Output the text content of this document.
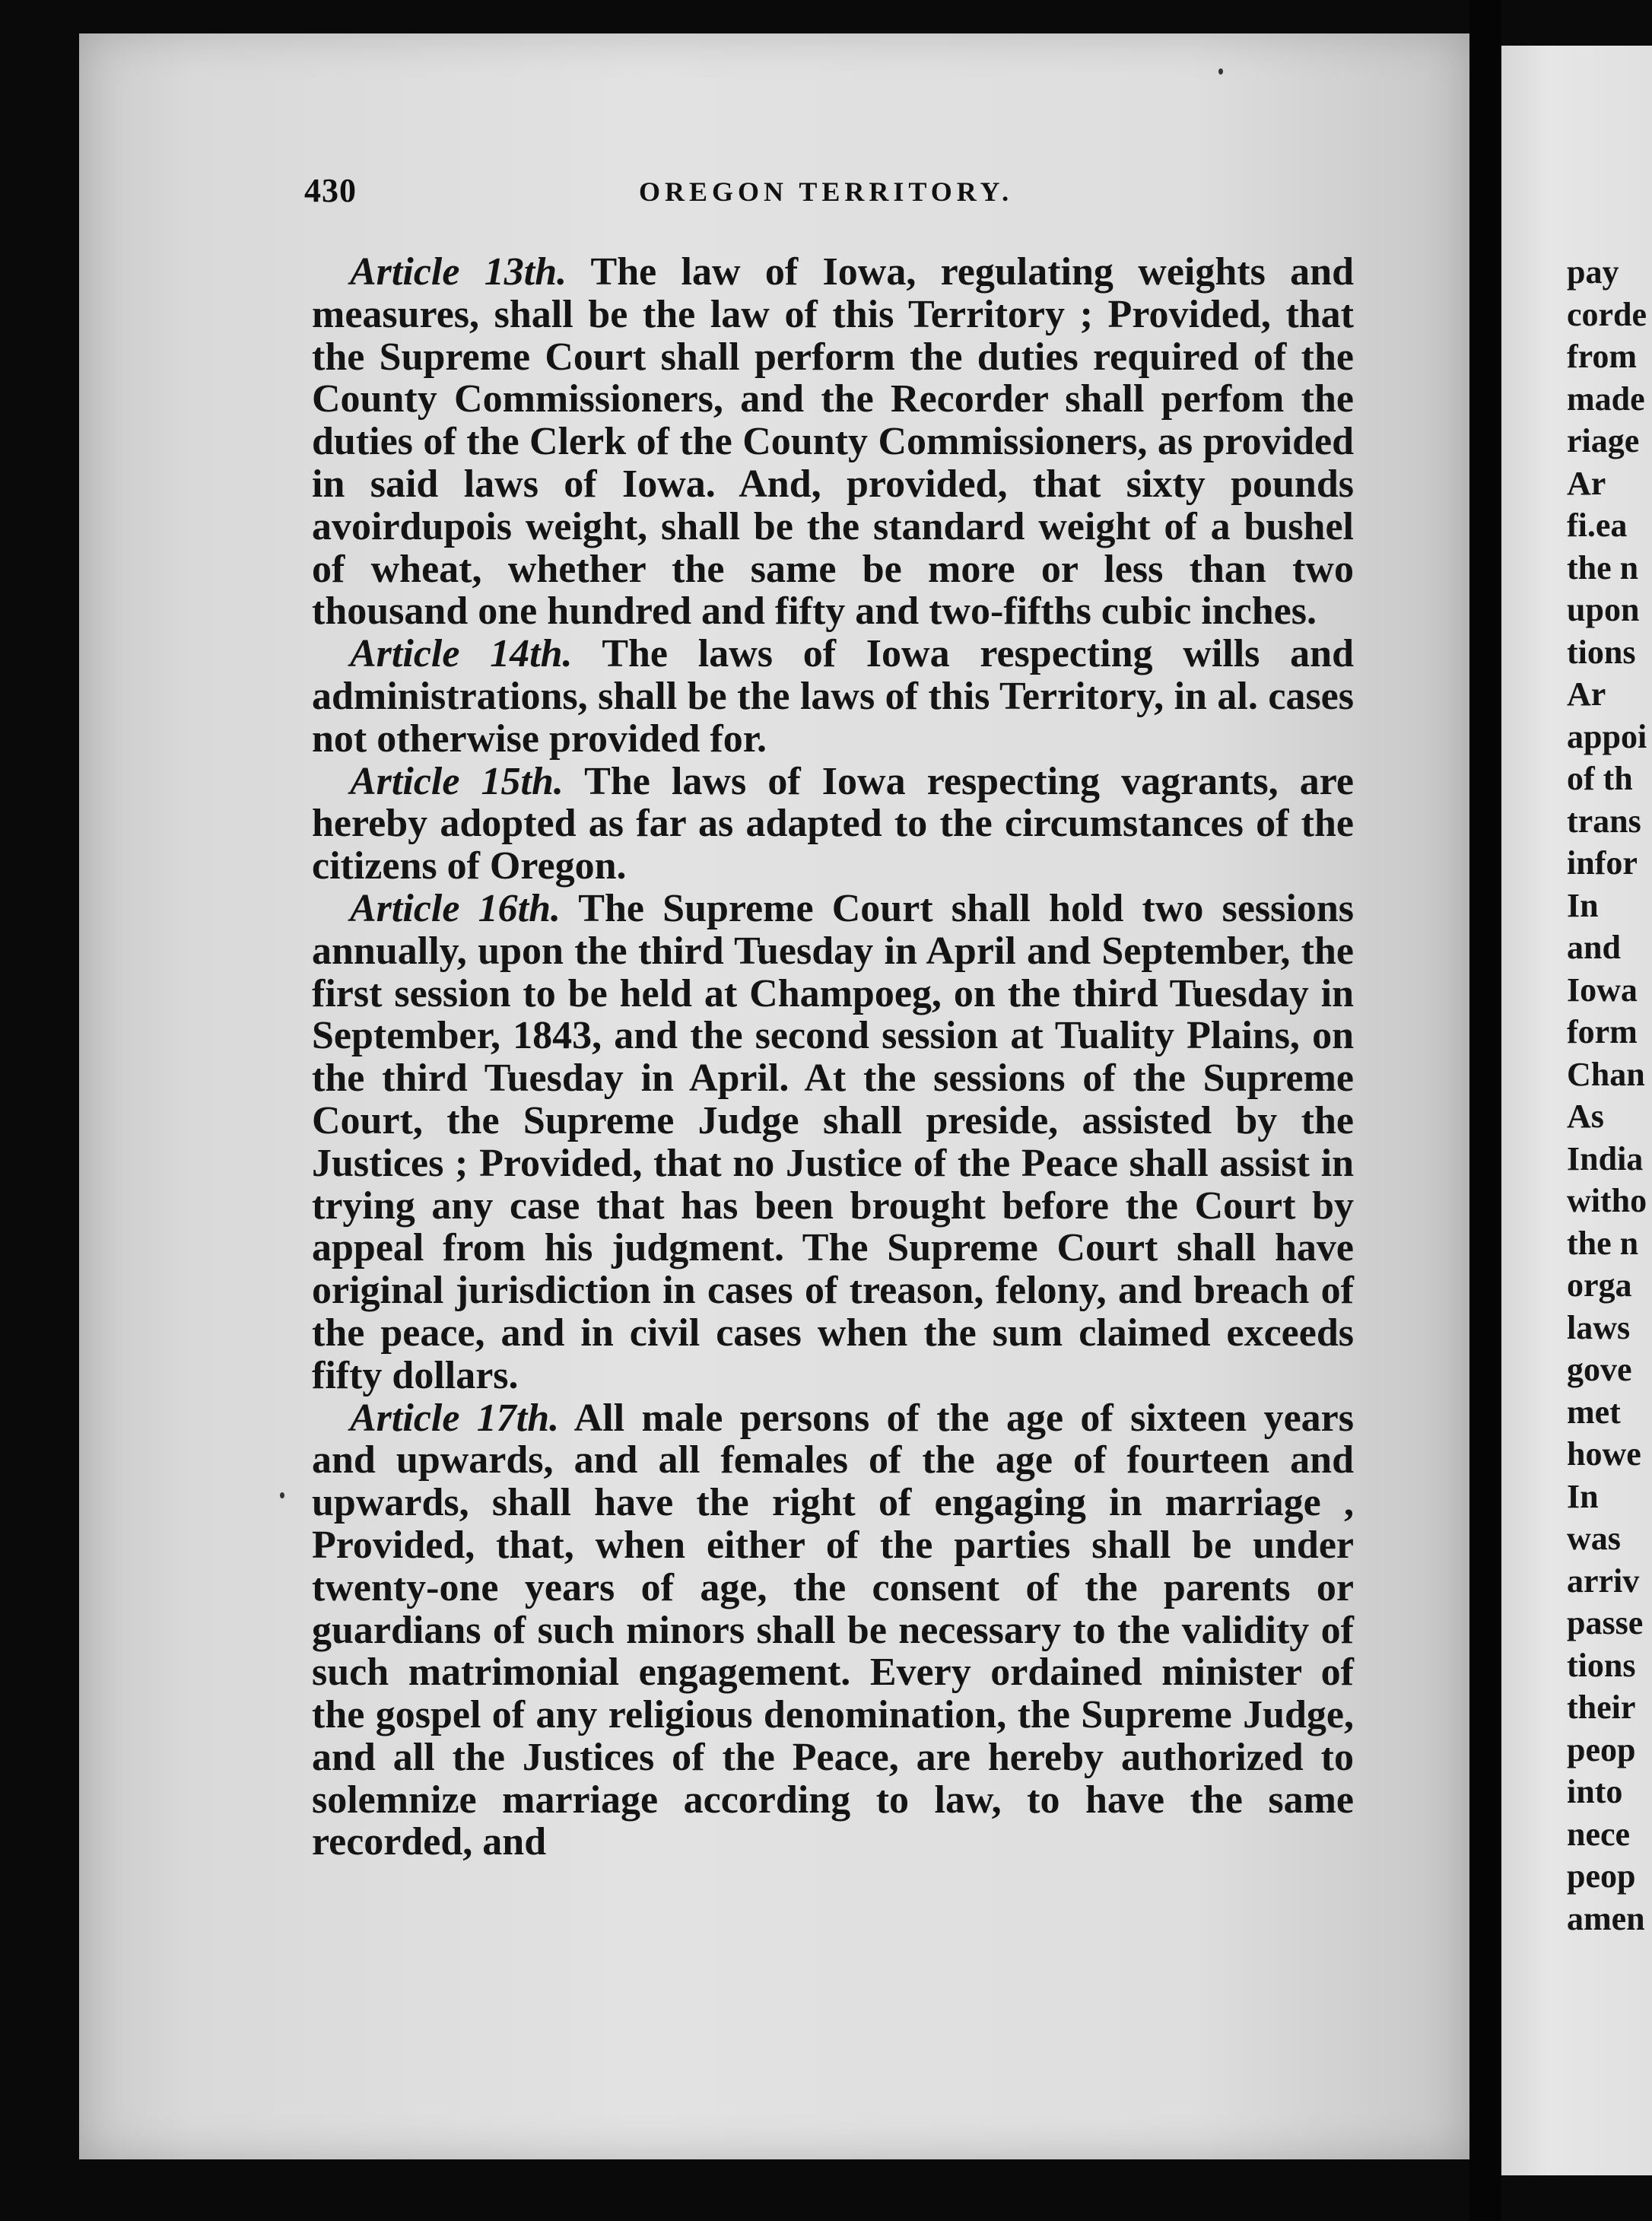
430	OREGON TERRITORY.

Article 13th. The law of Iowa, regulating weights and measures, shall be the law of this Territory ; Provided, that the Supreme Court shall perform the duties required of the County Commissioners, and the Recorder shall perfom the duties of the Clerk of the County Commissioners, as provided in said laws of Iowa. And, provided, that sixty pounds avoirdupois weight, shall be the standard weight of a bushel of wheat, whether the same be more or less than two thousand one hundred and fifty and two-fifths cubic inches.

Article 14th. The laws of Iowa respecting wills and administrations, shall be the laws of this Territory, in al. cases not otherwise provided for.

Article 15th. The laws of Iowa respecting vagrants, are hereby adopted as far as adapted to the circumstances of the citizens of Oregon.

Article 16th. The Supreme Court shall hold two sessions annually, upon the third Tuesday in April and September, the first session to be held at Champoeg, on the third Tuesday in September, 1843, and the second session at Tuality Plains, on the third Tuesday in April. At the sessions of the Supreme Court, the Supreme Judge shall preside, assisted by the Justices ; Provided, that no Justice of the Peace shall assist in trying any case that has been brought before the Court by appeal from his judgment. The Supreme Court shall have original jurisdiction in cases of treason, felony, and breach of the peace, and in civil cases when the sum claimed exceeds fifty dollars.

Article 17th. All male persons of the age of sixteen years and upwards, and all females of the age of fourteen and upwards, shall have the right of engaging in marriage , Provided, that, when either of the parties shall be under twenty-one years of age, the consent of the parents or guardians of such minors shall be necessary to the validity of such matrimonial engagement. Every ordained minister of the gospel of any religious denomination, the Supreme Judge, and all the Justices of the Peace, are hereby authorized to solemnize marriage according to law, to have the same recorded, and

pay
corde
from
made
riage
Ar
fi.ea
the n
upon
tions
Ar
appoi
of th
trans
infor
In
and
Iowa
form
Chan
As
India
witho
the n
orga
laws
gove
met
howe
In
was
arriv
passe
tions
their
peop
into
nece
peop
amen
